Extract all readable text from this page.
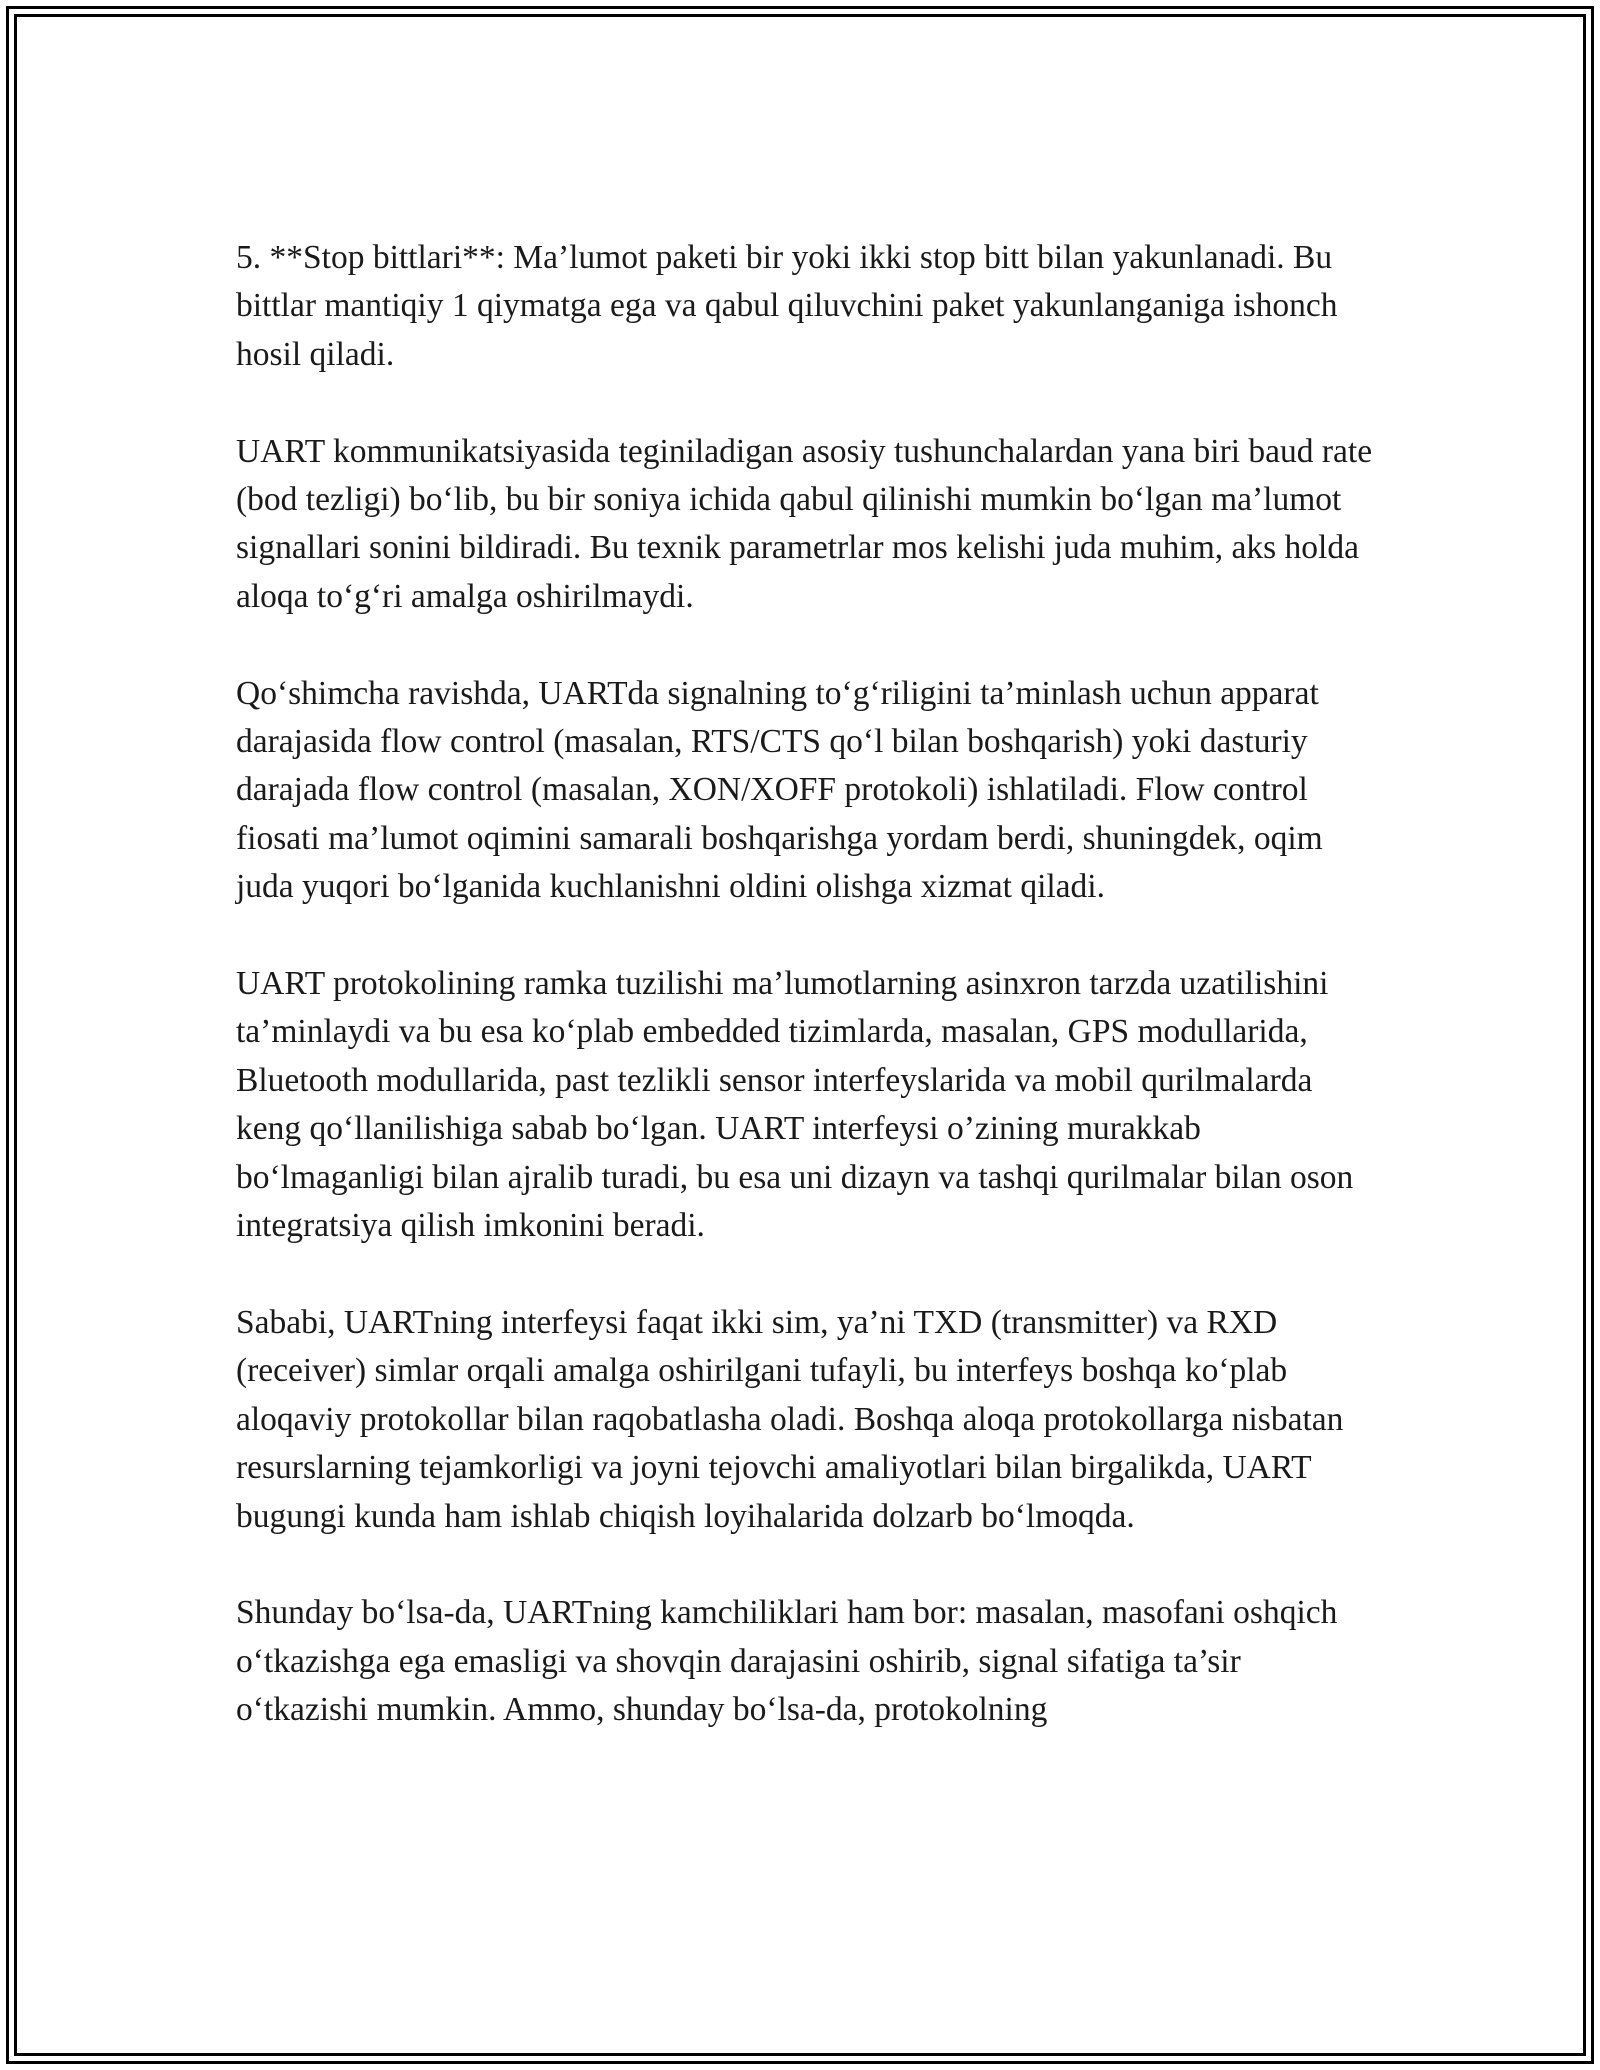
5. **Stop bittlari**: Ma’lumot paketi bir yoki ikki stop bitt bilan yakunlanadi. Bu bittlar mantiqiy 1 qiymatga ega va qabul qiluvchini paket yakunlanganiga ishonch hosil qiladi.

UART kommunikatsiyasida teginiladigan asosiy tushunchalardan yana biri baud rate (bod tezligi) bo‘lib, bu bir soniya ichida qabul qilinishi mumkin bo‘lgan ma’lumot signallari sonini bildiradi. Bu texnik parametrlar mos kelishi juda muhim, aks holda aloqa to‘g‘ri amalga oshirilmaydi.

Qo‘shimcha ravishda, UARTda signalning to‘g‘riligini ta’minlash uchun apparat darajasida flow control (masalan, RTS/CTS qo‘l bilan boshqarish) yoki dasturiy darajada flow control (masalan, XON/XOFF protokoli) ishlatiladi. Flow control fiosati ma’lumot oqimini samarali boshqarishga yordam berdi, shuningdek, oqim juda yuqori bo‘lganida kuchlanishni oldini olishga xizmat qiladi.

UART protokolining ramka tuzilishi ma’lumotlarning asinxron tarzda uzatilishini ta’minlaydi va bu esa ko‘plab embedded tizimlarda, masalan, GPS modullarida, Bluetooth modullarida, past tezlikli sensor interfeyslarida va mobil qurilmalarda keng qo‘llanilishiga sabab bo‘lgan. UART interfeysi o’zining murakkab bo‘lmaganligi bilan ajralib turadi, bu esa uni dizayn va tashqi qurilmalar bilan oson integratsiya qilish imkonini beradi.

Sababi, UARTning interfeysi faqat ikki sim, ya’ni TXD (transmitter) va RXD (receiver) simlar orqali amalga oshirilgani tufayli, bu interfeys boshqa ko‘plab aloqaviy protokollar bilan raqobatlasha oladi. Boshqa aloqa protokollarga nisbatan resurslarning tejamkorligi va joyni tejovchi amaliyotlari bilan birgalikda, UART bugungi kunda ham ishlab chiqish loyihalarida dolzarb bo‘lmoqda.

Shunday bo‘lsa-da, UARTning kamchiliklari ham bor: masalan, masofani oshqich o‘tkazishga ega emasligi va shovqin darajasini oshirib, signal sifatiga ta’sir o‘tkazishi mumkin. Ammo, shunday bo‘lsa-da, protokolning
